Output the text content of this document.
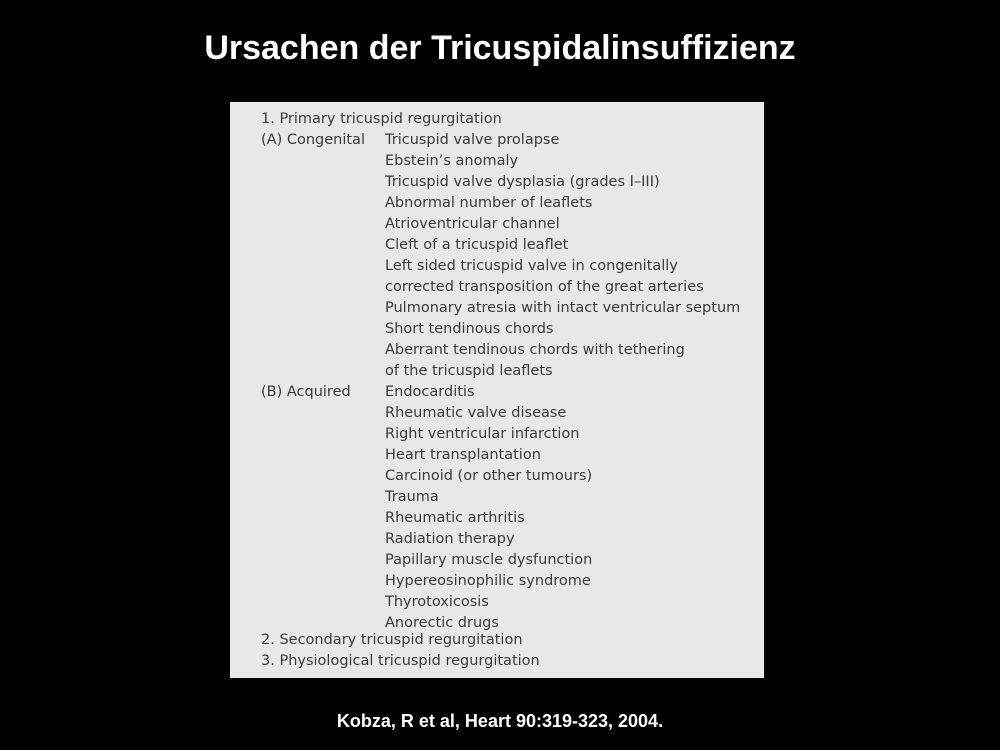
Ursachen der Tricuspidalinsuffizienz
1. Primary tricuspid regurgitation
(A) Congenital Tricuspid valve prolapse
Ebstein’s anomaly
Tricuspid valve dysplasia (grades I–III)
Abnormal number of leaflets
Atrioventricular channel
Cleft of a tricuspid leaflet
Left sided tricuspid valve in congenitally
corrected transposition of the great arteries
Pulmonary atresia with intact ventricular septum
Short tendinous chords
Aberrant tendinous chords with tethering
of the tricuspid leaflets
(B) Acquired Endocarditis
Rheumatic valve disease
Right ventricular infarction
Heart transplantation
Carcinoid (or other tumours)
Trauma
Rheumatic arthritis
Radiation therapy
Papillary muscle dysfunction
Hypereosinophilic syndrome
Thyrotoxicosis
Anorectic drugs
2. Secondary tricuspid regurgitation
3. Physiological tricuspid regurgitation
Kobza, R et al, Heart 90:319-323, 2004.
